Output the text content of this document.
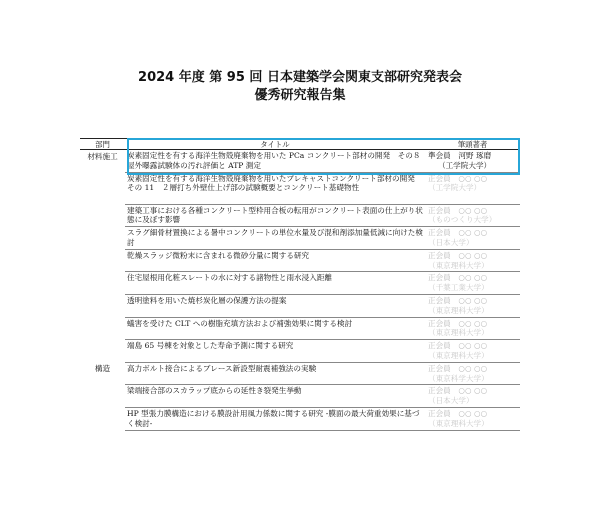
2024 年度 第 95 回 日本建築学会関東支部研究発表会
優秀研究報告集
部門	タイトル	筆頭著者
材料施工	炭素固定性を有する海洋生物殻廃棄物を用いた PCa コンクリート部材の開発　その８　屋外曝露試験体の汚れ評価と ATP 測定	準会員　河野 琢磨
（工学院大学）

	炭素固定性を有する海洋生物殻廃棄物を用いたプレキャストコンクリート部材の開発　その 11　２層打ち外壁仕上げ部の試験概要とコンクリート基礎物性	正会員　○○ ○○
（工学院大学）

	建築工事における各種コンクリート型枠用合板の転用がコンクリート表面の仕上がり状態に及ぼす影響	正会員　○○ ○○
（ものつくり大学）

	スラグ細骨材置換による暑中コンクリートの単位水量及び混和剤添加量低減に向けた検討	正会員　○○ ○○
（日本大学）

	乾燥スラッジ微粉末に含まれる微砂分量に関する研究	正会員　○○ ○○
（東京理科大学）

	住宅屋根用化粧スレートの水に対する諸物性と雨水浸入距離	正会員　○○ ○○
（千葉工業大学）

	透明塗料を用いた焼杉炭化層の保護方法の提案	正会員　○○ ○○
（東京理科大学）

	蟻害を受けた CLT への樹脂充填方法および補強効果に関する検討	正会員　○○ ○○
（東京理科大学）

	端島 65 号棟を対象とした寿命予測に関する研究	正会員　○○ ○○
（東京理科大学）

構造	高力ボルト接合によるブレース新設型耐震補強法の実験	正会員　○○ ○○
（東京科学大学）

	梁端接合部のスカラップ底からの延性き裂発生挙動	正会員　○○ ○○
（日本大学）

	HP 型張力膜構造における膜設計用風力係数に関する研究 -膜面の最大荷重効果に基づく検討-	正会員　○○ ○○
（東京理科大学）
